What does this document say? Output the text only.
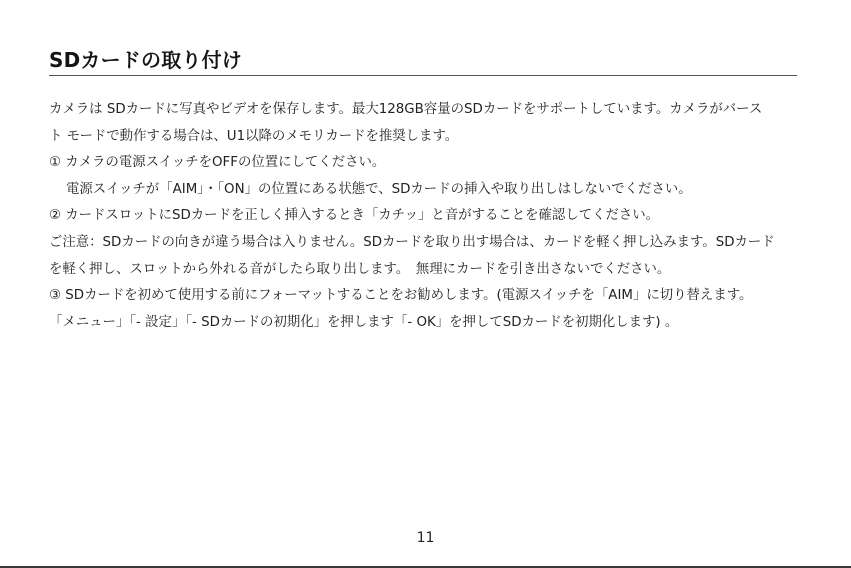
SDカードの取り付け
カメラは SDカードに写真やビデオを保存します。最大128GB容量のSDカードをサポートしています。カメラがバース
ト モードで動作する場合は、U1以降のメモリカードを推奨します。
① カメラの電源スイッチをOFFの位置にしてください。
電源スイッチが「AIM」・「ON」の位置にある状態で、SDカードの挿入や取り出しはしないでください。
② カードスロットにSDカードを正しく挿入するとき「カチッ」と音がすることを確認してください。
ご注意：SDカードの向きが違う場合は入りません。SDカードを取り出す場合は、カードを軽く押し込みます。SDカード
を軽く押し、スロットから外れる音がしたら取り出します。　無理にカードを引き出さないでください。
③ SDカードを初めて使用する前にフォーマットすることをお勧めします。(電源スイッチを「AIM」に切り替えます。
「メニュー」「- 設定」「- SDカードの初期化」を押します「- OK」を押してSDカードを初期化します) 。
11
